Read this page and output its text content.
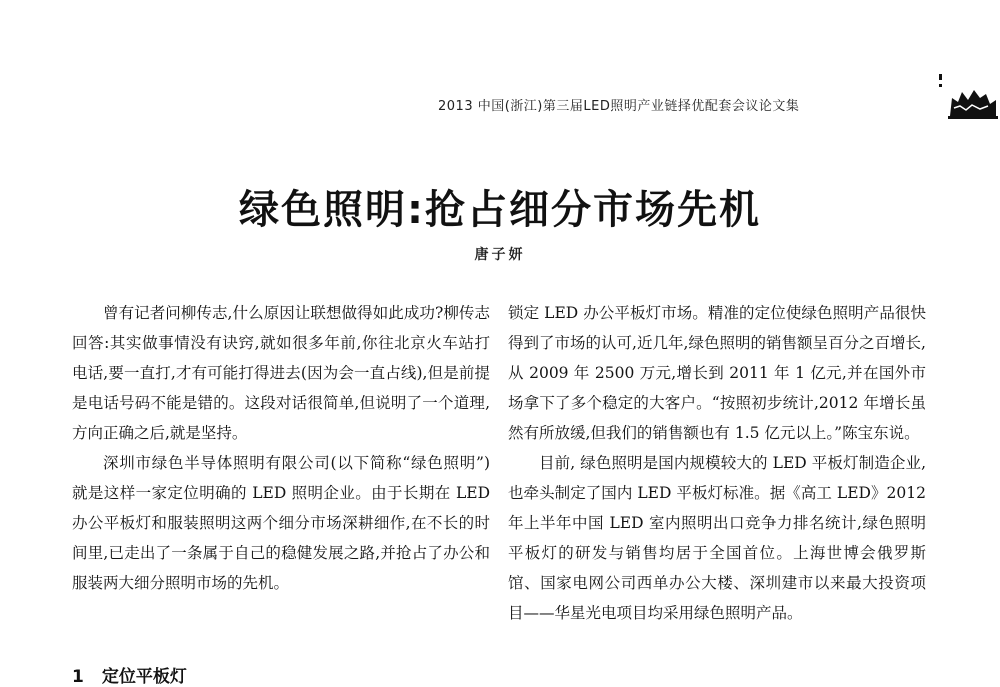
2013 中国(浙江)第三届LED照明产业链择优配套会议论文集
绿色照明:抢占细分市场先机
唐子妍

曾有记者问柳传志,什么原因让联想做得如此成功?柳传志回答:其实做事情没有诀窍,就如很多年前,你往北京火车站打电话,要一直打,才有可能打得进去(因为会一直占线),但是前提是电话号码不能是错的。这段对话很简单,但说明了一个道理,方向正确之后,就是坚持。

深圳市绿色半导体照明有限公司(以下简称“绿色照明”) 就是这样一家定位明确的 LED 照明企业。由于长期在 LED 办公平板灯和服装照明这两个细分市场深耕细作,在不长的时间里,已走出了一条属于自己的稳健发展之路,并抢占了办公和服装两大细分照明市场的先机。

1 定位平板灯

锁定 LED 办公平板灯市场。精准的定位使绿色照明产品很快得到了市场的认可,近几年,绿色照明的销售额呈百分之百增长,从 2009 年 2500 万元,增长到 2011 年 1 亿元,并在国外市场拿下了多个稳定的大客户。“按照初步统计,2012 年增长虽然有所放缓,但我们的销售额也有 1.5 亿元以上。”陈宝东说。

目前, 绿色照明是国内规模较大的 LED 平板灯制造企业, 也牵头制定了国内 LED 平板灯标准。据《高工 LED》2012 年上半年中国 LED 室内照明出口竞争力排名统计,绿色照明平板灯的研发与销售均居于全国首位。上海世博会俄罗斯馆、国家电网公司西单办公大楼、深圳建市以来最大投资项目——华星光电项目均采用绿色照明产品。
